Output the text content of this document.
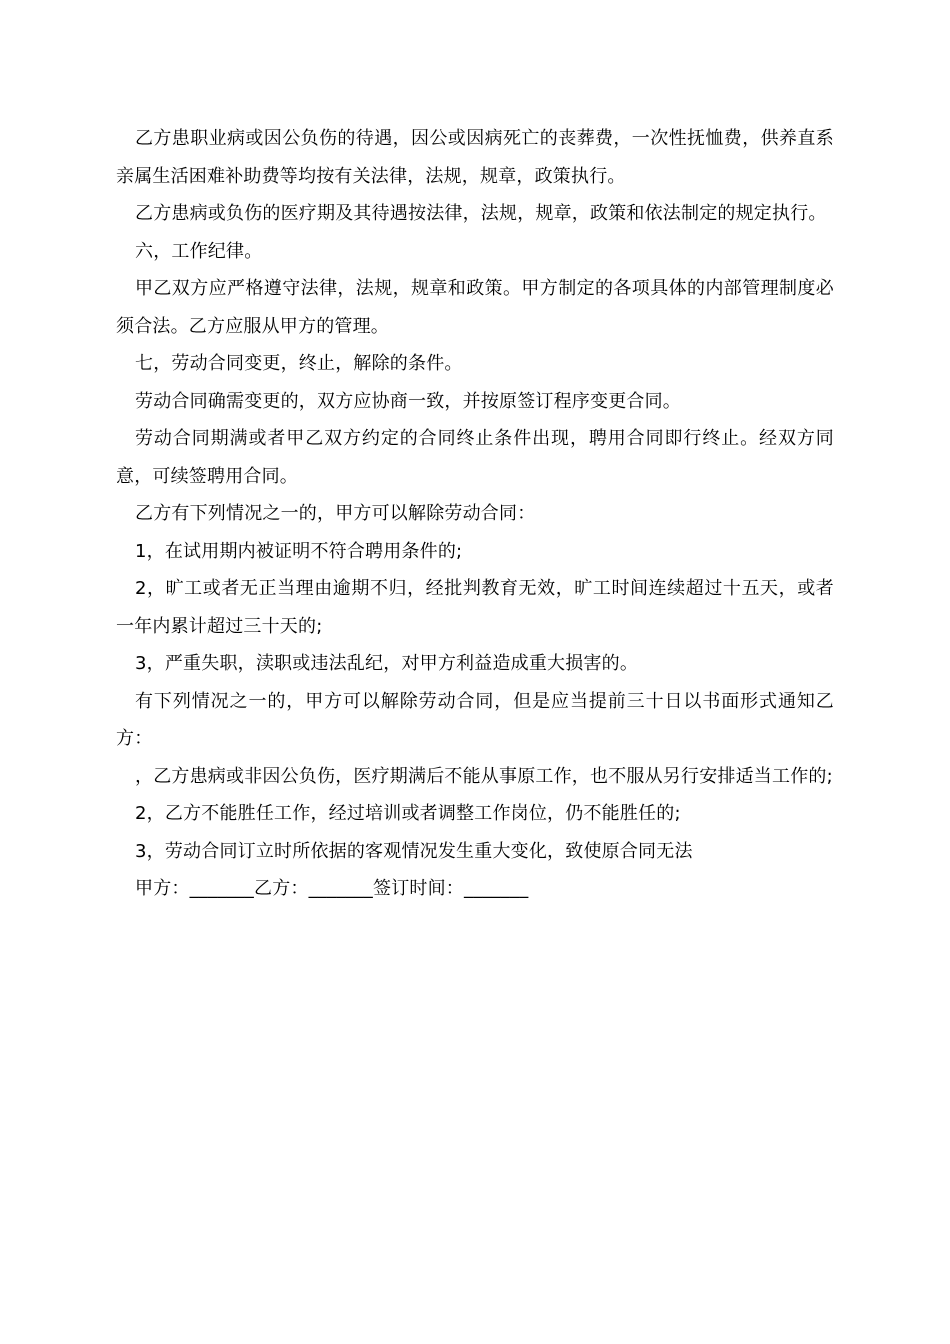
乙方患职业病或因公负伤的待遇，因公或因病死亡的丧葬费，一次性抚恤费，供养直系亲属生活困难补助费等均按有关法律，法规，规章，政策执行。

乙方患病或负伤的医疗期及其待遇按法律，法规，规章，政策和依法制定的规定执行。

六，工作纪律。

甲乙双方应严格遵守法律，法规，规章和政策。甲方制定的各项具体的内部管理制度必须合法。乙方应服从甲方的管理。

七，劳动合同变更，终止，解除的条件。

劳动合同确需变更的，双方应协商一致，并按原签订程序变更合同。

劳动合同期满或者甲乙双方约定的合同终止条件出现，聘用合同即行终止。经双方同意，可续签聘用合同。

乙方有下列情况之一的，甲方可以解除劳动合同：

1，在试用期内被证明不符合聘用条件的;

2，旷工或者无正当理由逾期不归，经批判教育无效，旷工时间连续超过十五天，或者一年内累计超过三十天的;

3，严重失职，渎职或违法乱纪，对甲方利益造成重大损害的。

有下列情况之一的，甲方可以解除劳动合同，但是应当提前三十日以书面形式通知乙方：

，乙方患病或非因公负伤，医疗期满后不能从事原工作，也不服从另行安排适当工作的;

2，乙方不能胜任工作，经过培训或者调整工作岗位，仍不能胜任的;

3，劳动合同订立时所依据的客观情况发生重大变化，致使原合同无法

甲方：_______乙方：_______签订时间：_______
